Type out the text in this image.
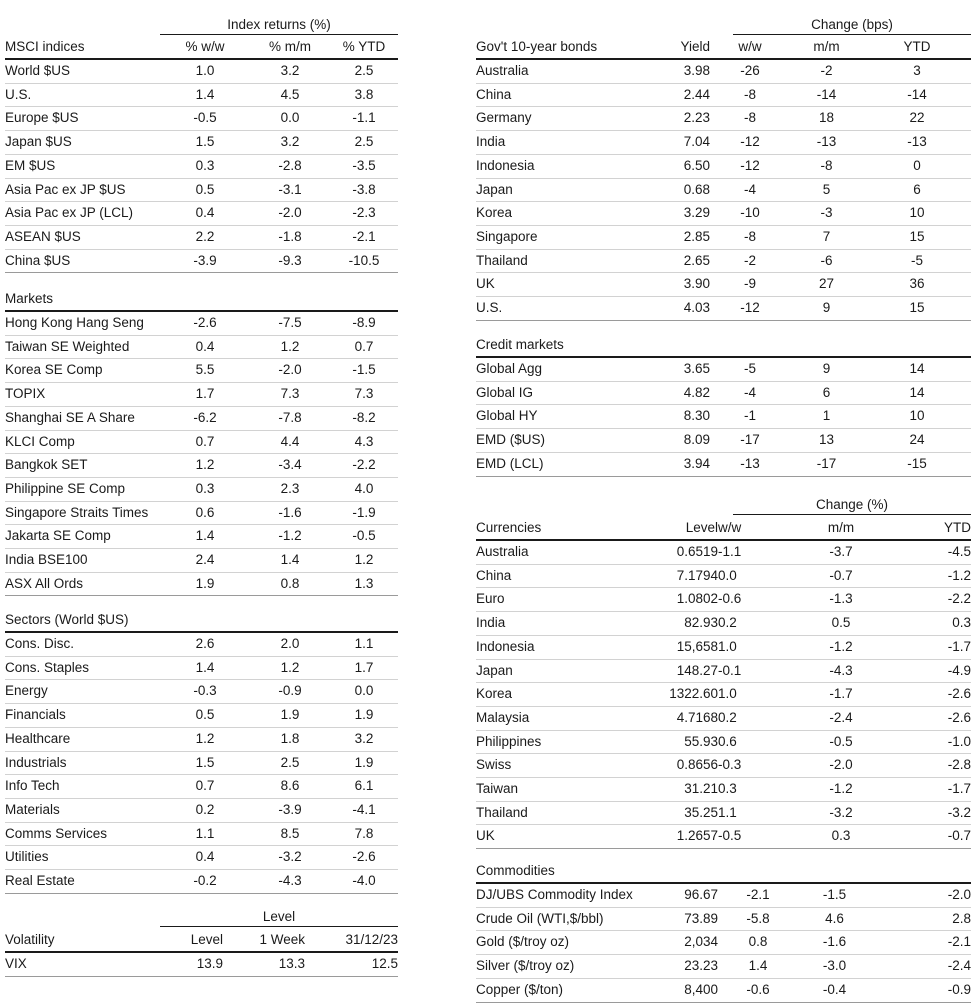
Index returns (%)
MSCI indices	% w/w	% m/m	% YTD
World $US	1.0	3.2	2.5
U.S.	1.4	4.5	3.8
Europe $US	-0.5	0.0	-1.1
Japan $US	1.5	3.2	2.5
EM $US	0.3	-2.8	-3.5
Asia Pac ex JP $US	0.5	-3.1	-3.8
Asia Pac ex JP (LCL)	0.4	-2.0	-2.3
ASEAN $US	2.2	-1.8	-2.1
China $US	-3.9	-9.3	-10.5
Markets			
Hong Kong Hang Seng	-2.6	-7.5	-8.9
Taiwan SE Weighted	0.4	1.2	0.7
Korea SE Comp	5.5	-2.0	-1.5
TOPIX	1.7	7.3	7.3
Shanghai SE A Share	-6.2	-7.8	-8.2
KLCI Comp	0.7	4.4	4.3
Bangkok SET	1.2	-3.4	-2.2
Philippine SE Comp	0.3	2.3	4.0
Singapore Straits Times	0.6	-1.6	-1.9
Jakarta SE Comp	1.4	-1.2	-0.5
India BSE100	2.4	1.4	1.2
ASX All Ords	1.9	0.8	1.3
Sectors (World $US)			
Cons. Disc.	2.6	2.0	1.1
Cons. Staples	1.4	1.2	1.7
Energy	-0.3	-0.9	0.0
Financials	0.5	1.9	1.9
Healthcare	1.2	1.8	3.2
Industrials	1.5	2.5	1.9
Info Tech	0.7	8.6	6.1
Materials	0.2	-3.9	-4.1
Comms Services	1.1	8.5	7.8
Utilities	0.4	-3.2	-2.6
Real Estate	-0.2	-4.3	-4.0
Level
Volatility	Level	1 Week	31/12/23
VIX	13.9	13.3	12.5
Change (bps)
Gov't 10-year bonds	Yield	w/w	m/m	YTD
Australia	3.98	-26	-2	3
China	2.44	-8	-14	-14
Germany	2.23	-8	18	22
India	7.04	-12	-13	-13
Indonesia	6.50	-12	-8	0
Japan	0.68	-4	5	6
Korea	3.29	-10	-3	10
Singapore	2.85	-8	7	15
Thailand	2.65	-2	-6	-5
UK	3.90	-9	27	36
U.S.	4.03	-12	9	15
Credit markets				
Global Agg	3.65	-5	9	14
Global IG	4.82	-4	6	14
Global HY	8.30	-1	1	10
EMD ($US)	8.09	-17	13	24
EMD (LCL)	3.94	-13	-17	-15
Change (%)
Currencies	Level	w/w	m/m	YTD
Australia	0.6519	-1.1	-3.7	-4.5
China	7.1794	0.0	-0.7	-1.2
Euro	1.0802	-0.6	-1.3	-2.2
India	82.93	0.2	0.5	0.3
Indonesia	15,658	1.0	-1.2	-1.7
Japan	148.27	-0.1	-4.3	-4.9
Korea	1322.60	1.0	-1.7	-2.6
Malaysia	4.7168	0.2	-2.4	-2.6
Philippines	55.93	0.6	-0.5	-1.0
Swiss	0.8656	-0.3	-2.0	-2.8
Taiwan	31.21	0.3	-1.2	-1.7
Thailand	35.25	1.1	-3.2	-3.2
UK	1.2657	-0.5	0.3	-0.7
Commodities				
DJ/UBS Commodity Index	96.67	-2.1	-1.5	-2.0
Crude Oil (WTI,$/bbl)	73.89	-5.8	4.6	2.8
Gold ($/troy oz)	2,034	0.8	-1.6	-2.1
Silver ($/troy oz)	23.23	1.4	-3.0	-2.4
Copper ($/ton)	8,400	-0.6	-0.4	-0.9
